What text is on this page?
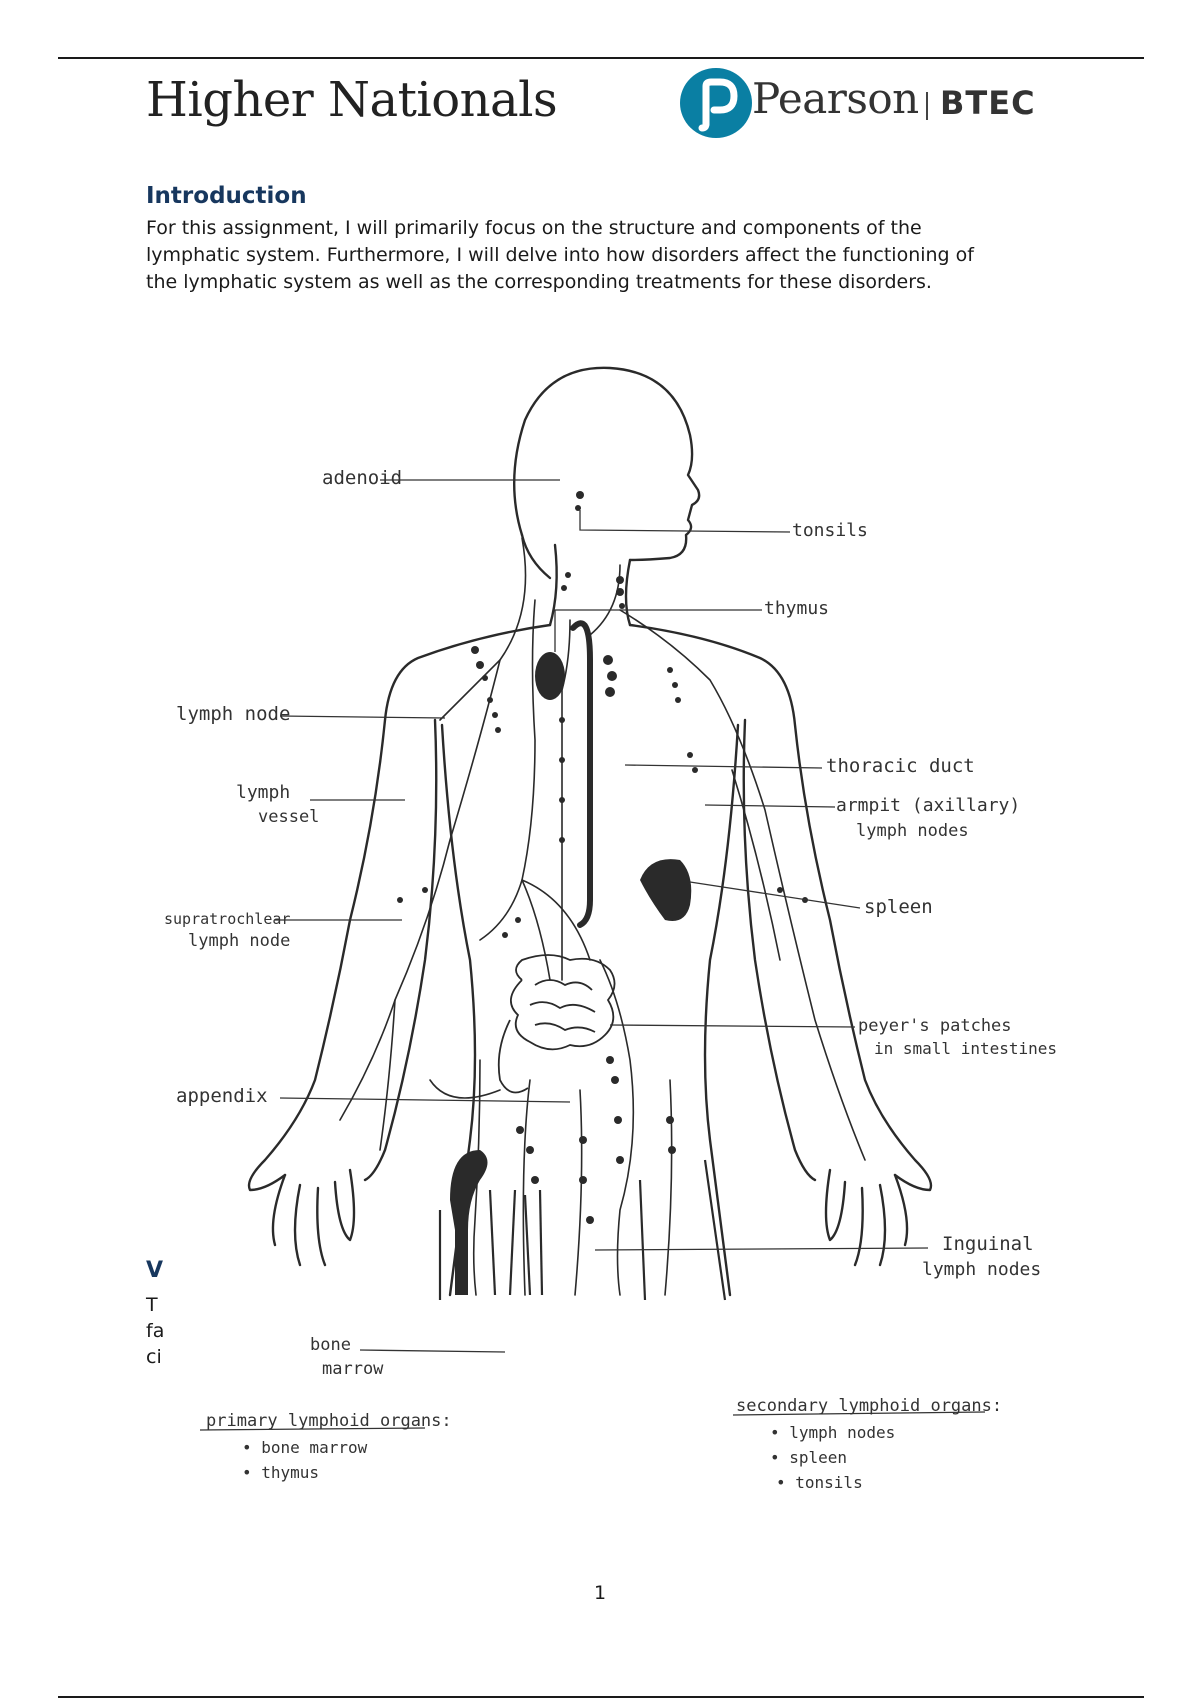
Higher Nationals	Pearson BTEC
Introduction
For this assignment, I will primarily focus on the structure and components of the
lymphatic system. Furthermore, I will delve into how disorders affect the functioning of
the lymphatic system as well as the corresponding treatments for these disorders.
V
T
fa
ci
adenoid
tonsils
thymus
lymph node
lymph
vessel
thoracic duct
armpit (axillary)
lymph nodes
spleen
supratrochlear
lymph node
peyer's patches
in small intestines
appendix
Inguinal
lymph nodes
bone
marrow
primary lymphoid organs:
• bone marrow
• thymus
secondary lymphoid organs:
• lymph nodes
• spleen
• tonsils
1
